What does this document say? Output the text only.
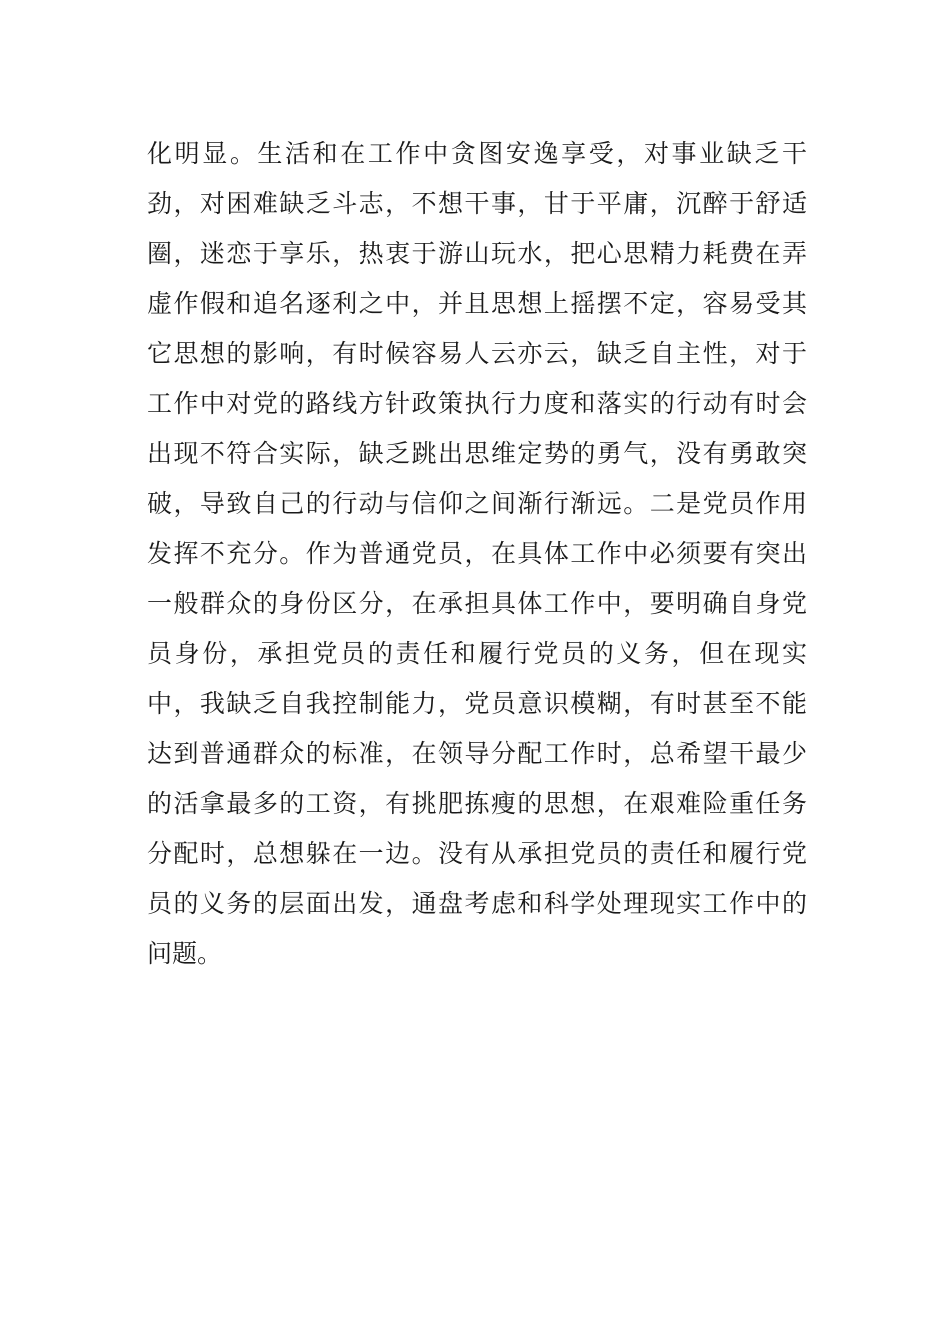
化明显。生活和在工作中贪图安逸享受，对事业缺乏干
劲，对困难缺乏斗志，不想干事，甘于平庸，沉醉于舒适
圈，迷恋于享乐，热衷于游山玩水，把心思精力耗费在弄
虚作假和追名逐利之中，并且思想上摇摆不定，容易受其
它思想的影响，有时候容易人云亦云，缺乏自主性，对于
工作中对党的路线方针政策执行力度和落实的行动有时会
出现不符合实际，缺乏跳出思维定势的勇气，没有勇敢突
破，导致自己的行动与信仰之间渐行渐远。二是党员作用
发挥不充分。作为普通党员，在具体工作中必须要有突出
一般群众的身份区分，在承担具体工作中，要明确自身党
员身份，承担党员的责任和履行党员的义务，但在现实
中，我缺乏自我控制能力，党员意识模糊，有时甚至不能
达到普通群众的标准，在领导分配工作时，总希望干最少
的活拿最多的工资，有挑肥拣瘦的思想，在艰难险重任务
分配时，总想躲在一边。没有从承担党员的责任和履行党
员的义务的层面出发，通盘考虑和科学处理现实工作中的
问题。
